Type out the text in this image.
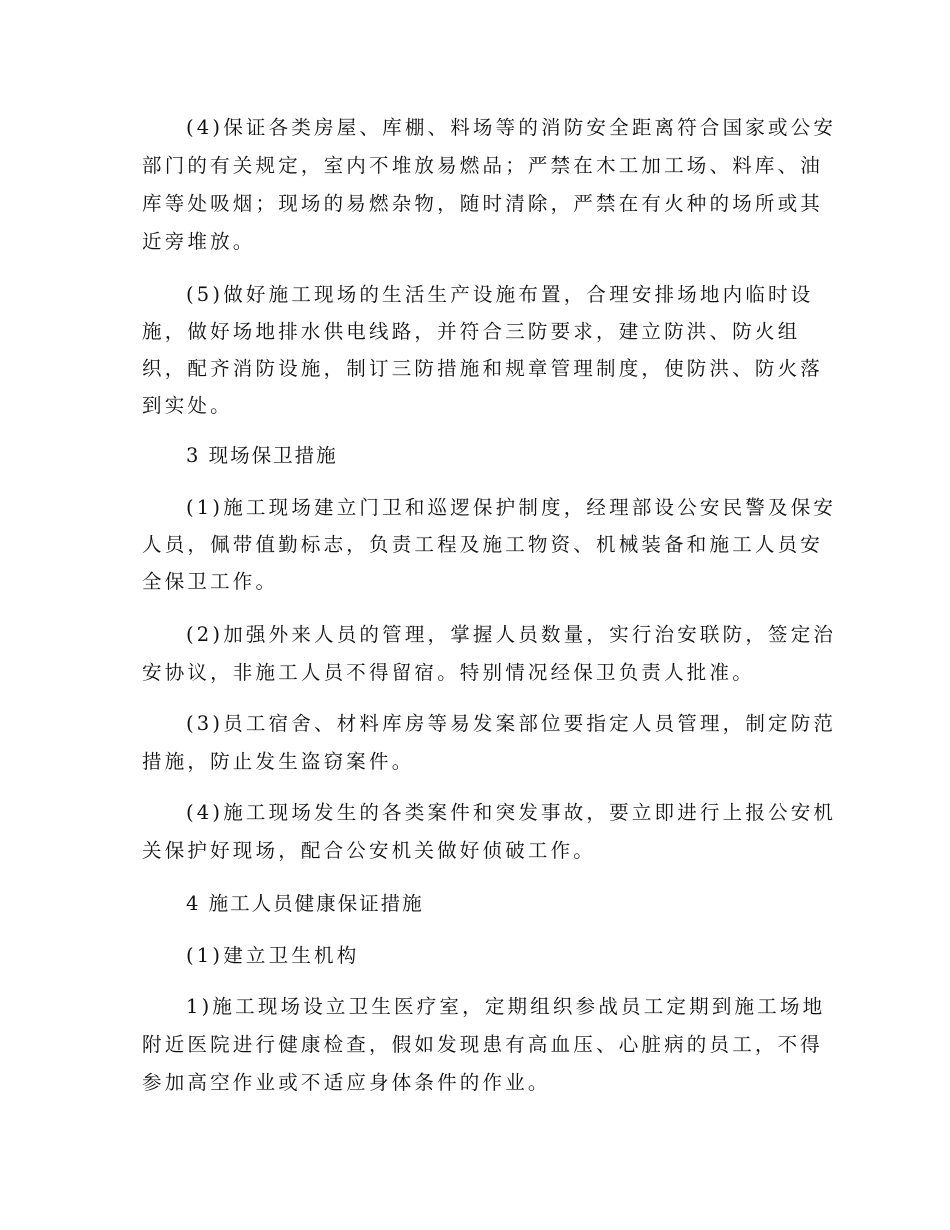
(4)保证各类房屋、库棚、料场等的消防安全距离符合国家或公安
部门的有关规定，室内不堆放易燃品；严禁在木工加工场、料库、油
库等处吸烟；现场的易燃杂物，随时清除，严禁在有火种的场所或其
近旁堆放。
(5)做好施工现场的生活生产设施布置，合理安排场地内临时设
施，做好场地排水供电线路，并符合三防要求，建立防洪、防火组
织，配齐消防设施，制订三防措施和规章管理制度，使防洪、防火落
到实处。
3 现场保卫措施
(1)施工现场建立门卫和巡逻保护制度，经理部设公安民警及保安
人员，佩带值勤标志，负责工程及施工物资、机械装备和施工人员安
全保卫工作。
(2)加强外来人员的管理，掌握人员数量，实行治安联防，签定治
安协议，非施工人员不得留宿。特别情况经保卫负责人批准。
(3)员工宿舍、材料库房等易发案部位要指定人员管理，制定防范
措施，防止发生盗窃案件。
(4)施工现场发生的各类案件和突发事故，要立即进行上报公安机
关保护好现场，配合公安机关做好侦破工作。
4 施工人员健康保证措施
(1)建立卫生机构
1)施工现场设立卫生医疗室，定期组织参战员工定期到施工场地
附近医院进行健康检查，假如发现患有高血压、心脏病的员工，不得
参加高空作业或不适应身体条件的作业。
